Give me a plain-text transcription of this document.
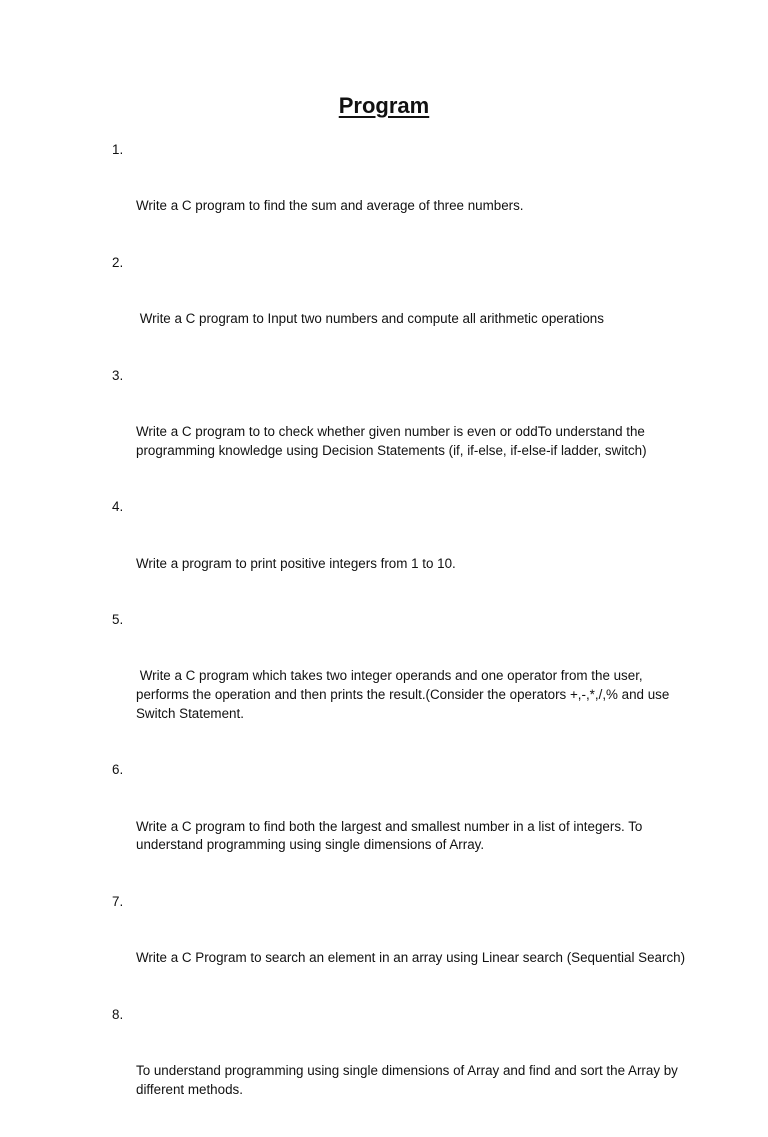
Program

1.

Write a C program to find the sum and average of three numbers.

2.

Write a C program to Input two numbers and compute all arithmetic operations

3.

Write a C program to to check whether given number is even or oddTo understand the programming knowledge using Decision Statements (if, if-else, if-else-if ladder, switch)

4.

Write a program to print positive integers from 1 to 10.

5.

Write a C program which takes two integer operands and one operator from the user, performs the operation and then prints the result.(Consider the operators +,-,*,/,% and use Switch Statement.

6.

Write a C program to find both the largest and smallest number in a list of integers. To understand programming using single dimensions of Array.

7.

Write a C Program to search an element in an array using Linear search (Sequential Search)

8.

To understand programming using single dimensions of Array and find and sort the Array by different methods.
